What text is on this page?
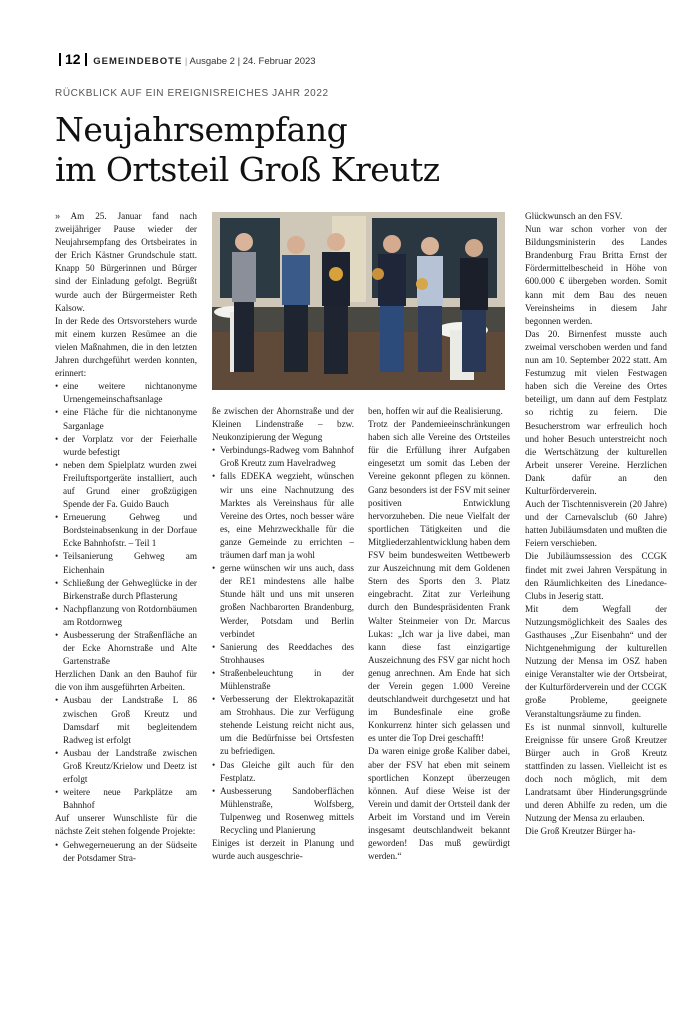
12 GEMEINDEBOTE | Ausgabe 2 | 24. Februar 2023
RÜCKBLICK AUF EIN EREIGNISREICHES JAHR 2022
Neujahrsempfang
im Ortsteil Groß Kreutz

» Am 25. Januar fand nach zweijähriger Pause wieder der Neujahrsempfang des Ortsbeirates in der Erich Kästner Grundschule statt. Knapp 50 Bürgerinnen und Bürger sind der Einladung gefolgt. Begrüßt wurde auch der Bürgermeister Reth Kalsow.

In der Rede des Ortsvorstehers wurde mit einem kurzen Resümee an die vielen Maßnahmen, die in den letzten Jahren durchgeführt werden konnten, erinnert:

• eine weitere nichtanonyme Urnengemeinschaftsanlage
• eine Fläche für die nichtanonyme Sarganlage
• der Vorplatz vor der Feierhalle wurde befestigt
• neben dem Spielplatz wurden zwei Freiluftsportgeräte installiert, auch auf Grund einer großzügigen Spende der Fa. Guido Bauch
• Erneuerung Gehweg und Bordsteinabsenkung in der Dorfaue Ecke Bahnhofstr. – Teil 1
• Teilsanierung Gehweg am Eichenhain
• Schließung der Gehweglücke in der Birkenstraße durch Pflasterung
• Nachpflanzung von Rotdornbäumen am Rotdornweg
• Ausbesserung der Straßenfläche an der Ecke Ahornstraße und Alte Gartenstraße

Herzlichen Dank an den Bauhof für die von ihm ausgeführten Arbeiten.

• Ausbau der Landstraße L 86 zwischen Groß Kreutz und Damsdarf mit begleitendem Radweg ist erfolgt
• Ausbau der Landstraße zwischen Groß Kreutz/Krielow und Deetz ist erfolgt
• weitere neue Parkplätze am Bahnhof

Auf unserer Wunschliste für die nächste Zeit stehen folgende Projekte:

• Gehwegerneuerung an der Südseite der Potsdamer Stra-

ße zwischen der Ahornstraße und der Kleinen Lindenstraße – bzw. Neukonzipierung der Wegung

• Verbindungs-Radweg vom Bahnhof Groß Kreutz zum Havelradweg
• falls EDEKA wegzieht, wünschen wir uns eine Nachnutzung des Marktes als Vereinshaus für alle Vereine des Ortes, noch besser wäre es, eine Mehrzweckhalle für die ganze Gemeinde zu errichten – träumen darf man ja wohl
• gerne wünschen wir uns auch, dass der RE1 mindestens alle halbe Stunde hält und uns mit unseren großen Nachbarorten Brandenburg, Werder, Potsdam und Berlin verbindet
• Sanierung des Reeddaches des Strohhauses
• Straßenbeleuchtung in der Mühlenstraße
• Verbesserung der Elektrokapazität am Strohhaus. Die zur Verfügung stehende Leistung reicht nicht aus, um die Bedürfnisse bei Ortsfesten zu befriedigen.
• Das Gleiche gilt auch für den Festplatz.
• Ausbesserung Sandoberflächen Mühlenstraße, Wolfsberg, Tulpenweg und Rosenweg mittels Recycling und Planierung

Einiges ist derzeit in Planung und wurde auch ausgeschrie-

ben, hoffen wir auf die Realisierung.

Trotz der Pandemieeinschränkungen haben sich alle Vereine des Ortsteiles für die Erfüllung ihrer Aufgaben eingesetzt um somit das Leben der Vereine gekonnt pflegen zu können. Ganz besonders ist der FSV mit seiner positiven Entwicklung hervorzuheben. Die neue Vielfalt der sportlichen Tätigkeiten und die Mitgliederzahlentwicklung haben dem FSV beim bundesweiten Wettbewerb zur Auszeichnung mit dem Goldenen Stern des Sports den 3. Platz eingebracht. Zitat zur Verleihung durch den Bundespräsidenten Frank Walter Steinmeier von Dr. Marcus Lukas: „Ich war ja live dabei, man kann diese fast einzigartige Auszeichnung des FSV gar nicht hoch genug anrechnen. Am Ende hat sich der Verein gegen 1.000 Vereine deutschlandweit durchgesetzt und hat im Bundesfinale eine große Konkurrenz hinter sich gelassen und es unter die Top Drei geschafft!

Da waren einige große Kaliber dabei, aber der FSV hat eben mit seinem sportlichen Konzept überzeugen können. Auf diese Weise ist der Verein und damit der Ortsteil dank der Arbeit im Vorstand und im Verein insgesamt deutschlandweit bekannt geworden! Das muß gewürdigt werden.“

Glückwunsch an den FSV.

Nun war schon vorher von der Bildungsministerin des Landes Brandenburg Frau Britta Ernst der Fördermittelbescheid in Höhe von 600.000 € übergeben worden. Somit kann mit dem Bau des neuen Vereinsheims in diesem Jahr begonnen werden.

Das 20. Birnenfest musste auch zweimal verschoben werden und fand nun am 10. September 2022 statt. Am Festumzug mit vielen Festwagen haben sich die Vereine des Ortes beteiligt, um dann auf dem Festplatz so richtig zu feiern. Die Besucherstrom war erfreulich hoch und hoher Besuch unterstreicht noch die Wertschätzung der kulturellen Arbeit unserer Vereine. Herzlichen Dank dafür an den Kulturförderverein.

Auch der Tischtennisverein (20 Jahre) und der Carnevalsclub (60 Jahre) hatten Jubiläumsdaten und mußten die Feiern verschieben.

Die Jubiläumssession des CCGK findet mit zwei Jahren Verspätung in den Räumlichkeiten des Linedance-Clubs in Jeserig statt.

Mit dem Wegfall der Nutzungsmöglichkeit des Saales des Gasthauses „Zur Eisenbahn“ und der Nichtgenehmigung der kulturellen Nutzung der Mensa im OSZ haben einige Veranstalter wie der Ortsbeirat, der Kulturförderverein und der CCGK große Probleme, geeignete Veranstaltungsräume zu finden.

Es ist nunmal sinnvoll, kulturelle Ereignisse für unsere Groß Kreutzer Bürger auch in Groß Kreutz stattfinden zu lassen. Vielleicht ist es doch noch möglich, mit dem Landratsamt über Hinderungsgründe und deren Abhilfe zu reden, um die Nutzung der Mensa zu erlauben.

Die Groß Kreutzer Bürger ha-
